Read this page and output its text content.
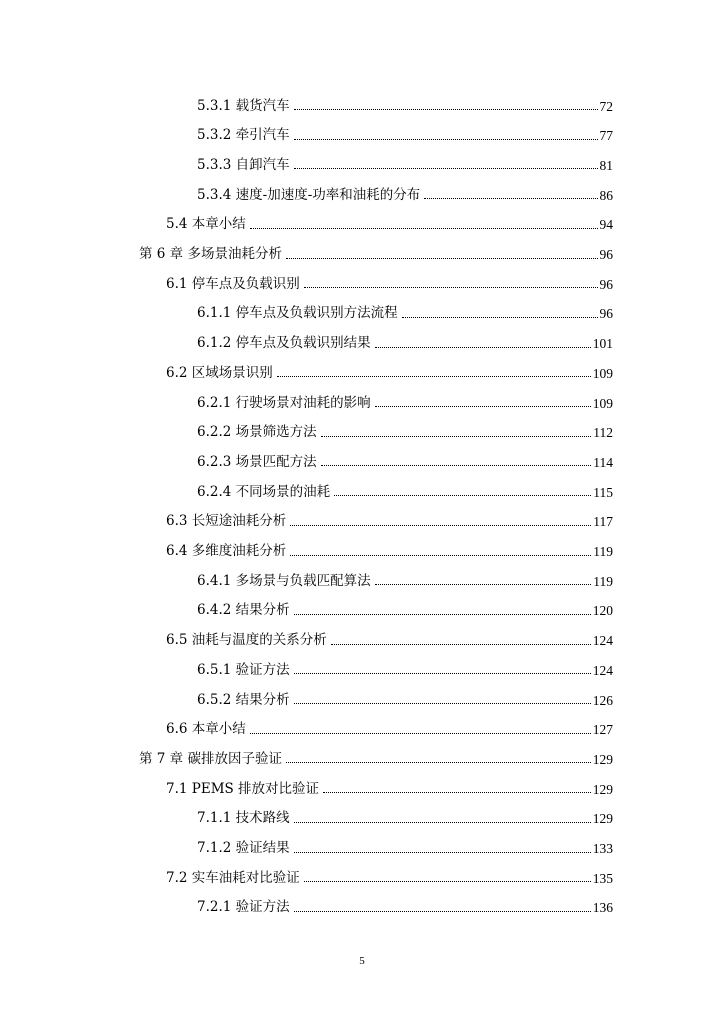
5.3.1 载货汽车	72
5.3.2 牵引汽车	77
5.3.3 自卸汽车	81
5.3.4 速度-加速度-功率和油耗的分布	86
5.4 本章小结	94
第 6 章 多场景油耗分析	96
6.1 停车点及负载识别	96
6.1.1 停车点及负载识别方法流程	96
6.1.2 停车点及负载识别结果	101
6.2 区域场景识别	109
6.2.1 行驶场景对油耗的影响	109
6.2.2 场景筛选方法	112
6.2.3 场景匹配方法	114
6.2.4 不同场景的油耗	115
6.3 长短途油耗分析	117
6.4 多维度油耗分析	119
6.4.1 多场景与负载匹配算法	119
6.4.2 结果分析	120
6.5 油耗与温度的关系分析	124
6.5.1 验证方法	124
6.5.2 结果分析	126
6.6 本章小结	127
第 7 章 碳排放因子验证	129
7.1 PEMS 排放对比验证	129
7.1.1 技术路线	129
7.1.2 验证结果	133
7.2 实车油耗对比验证	135
7.2.1 验证方法	136
5
